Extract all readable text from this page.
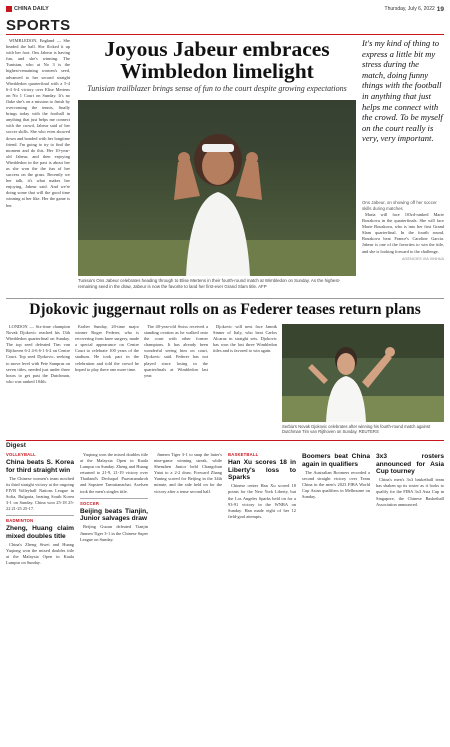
CHINA DAILY	Thursday, July 6, 2022 19
SPORTS

WIMBLEDON, England — She headed the ball. She flicked it up with her foot. Ons Jabeur is having fun, and she's winning. The Tunisian, who at No 3 is the highest-remaining women's seed, advanced to her second straight Wimbledon quarterfinal with a 5-4 6-4 6-4 victory over Elise Mertens on No 1 Court on Sunday. It's no fluke she's on a mission to finish by overcoming the tennis, finally brings today with the football in anything that just helps me connect with the crowd, Jabeur said of her soccer skills. She who even showed down and bonded with her longtime friend. I'm going to try to find the moment and do this. Her 10-year-old Jabeur, and then enjoying Wimbledon in the past is about her as she won the the fun of her success on the grass. Recently we her talk, it's what makes her enjoying, Jabeur said. And we're doing some that will the good time winning at her like. Her the game is her.

Joyous Jabeur embraces Wimbledon limelight
Tunisian trailblazer brings sense of fun to the court despite growing expectations
Tunisia's Ons Jabeur celebrates heading through to Elise Mertens in their fourth-round match at Wimbledon on Sunday. As the highest-remaining seed in the draw, Jabeur is now the favorite to land her first-ever Grand Slam title. AFP
It's my kind of thing to express a little bit my stress during the match, doing funny things with the football in anything that just helps me connect with the crowd. To be myself on the court really is very, very important.
Ons Jabeur, on showing off her soccer skills during matches

Maria will face 103rd-ranked Marie Bouzkova in the quarterfinals. She will face Marie Bouzkova, who is into her first Grand Slam quarterfinal. In the fourth round, Bouzkova beat France's Caroline Garcia. Jabeur is one of the favorites to win the title, and she is looking forward to the challenge.

AGENCIES VIA XINHUA
Djokovic juggernaut rolls on as Federer teases return plans

LONDON — Six-time champion Novak Djokovic reached his 13th Wimbledon quarterfinal on Sunday. The top seed defeated Tim van Rijthoven 6-2 4-6 6-1 6-2 on Centre Court. Top seed Djokovic, seeking to move level with Pete Sampras on seven titles, needed just under three hours to get past the Dutchman, who was ranked 104th.

Earlier Sunday, 20-time major winner Roger Federer, who is recovering from knee surgery, made a special appearance on Centre Court to celebrate 100 years of the stadium. He took part in the celebration and told the crowd he hoped to play there one more time.

The 40-year-old Swiss received a standing ovation as he walked onto the court with other former champions. It has already been wonderful seeing him on court, Djokovic said. Federer has not played since losing in the quarterfinals at Wimbledon last year.

Djokovic will next face Jannik Sinner of Italy, who beat Carlos Alcaraz in straight sets. Djokovic has won the last three Wimbledon titles and is favored to win again.

Serbia's Novak Djokovic celebrates after winning his fourth-round match against Dutchman Tim van Rijthoven on Sunday. REUTERS
Digest
VOLLEYBALL
China beats S. Korea for third straight win

The Chinese women's team notched its third straight victory at the ongoing FIVB Volleyball Nations League in Sofia, Bulgaria, beating South Korea 3-1 on Sunday. China won 25-18 25-22 21-25 25-17.

BADMINTON
Zheng, Huang claim mixed doubles title

China's Zheng Siwei and Huang Yaqiong won the mixed doubles title at the Malaysia Open in Kuala Lumpur on Sunday.

Yaqiong won the mixed doubles title at the Malaysia Open in Kuala Lumpur on Sunday. Zheng and Huang returned to 21-9, 21-19 victory over Thailand's Dechapol Puavaranukroh and Sapsiree Taerattanachai. Axelsen took the men's singles title.

SOCCER
Beijing beats Tianjin, Junior salvages draw

Beijing Guoan defeated Tianjin Jinmen Tiger 3-1 in the Chinese Super League on Sunday.

Jinmen Tiger 3-1 to snap the latter's nine-game winning streak, while Shenzhen Junior held Changchun Yatai to a 2-2 draw. Forward Zhang Yuning scored for Beijing in the 34th minute, and the side held on for the victory after a tense second half.

BASKETBALL
Han Xu scores 18 in Liberty's loss to Sparks

Chinese center Han Xu scored 18 points for the New York Liberty, but the Los Angeles Sparks held on for a 93-91 victory in the WNBA on Sunday. Han made eight of her 12 field-goal attempts.

Boomers beat China again in qualifiers

The Australian Boomers recorded a second straight victory over Team China in the men's 2023 FIBA World Cup Asian qualifiers in Melbourne on Sunday.

3x3 rosters announced for Asia Cup tourney

China's men's 3x3 basketball team has shaken up its roster as it looks to qualify for the FIBA 3x3 Asia Cup in Singapore, the Chinese Basketball Association announced.
